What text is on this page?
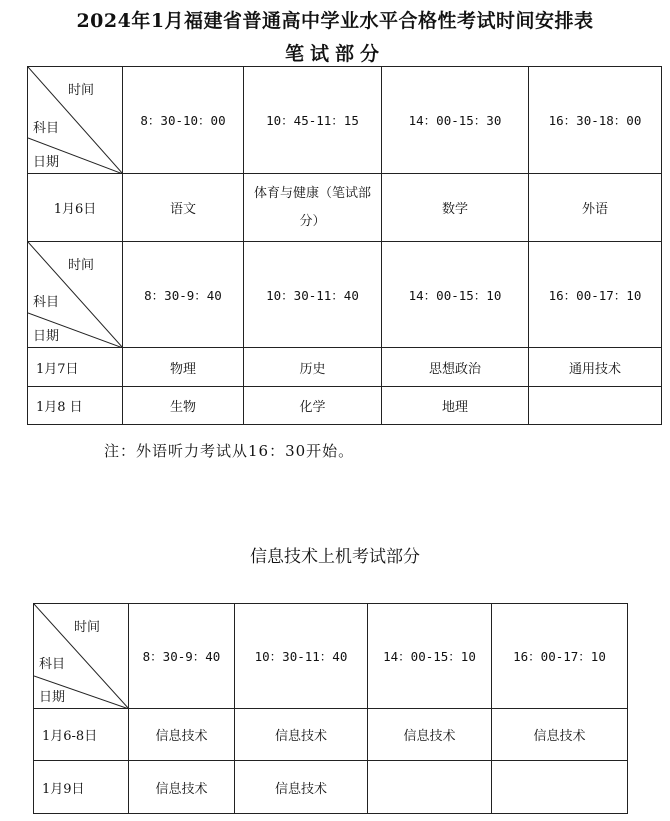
2024年1月福建省普通高中学业水平合格性考试时间安排表
笔试部分
时间
科目
日期	8：30-10：00	10：45-11：15	14：00-15：30	16：30-18：00
1月6日	语文	体育与健康（笔试部分）	数学	外语

时间
科目
日期	8：30-9：40	10：30-11：40	14：00-15：10	16：00-17：10
1月7日	物理	历史	思想政治	通用技术
1月8 日	生物	化学	地理	
注：外语听力考试从16：30开始。
信息技术上机考试部分
时间
科目
日期	8：30-9：40	10：30-11：40	14：00-15：10	16：00-17：10
1月6-8日	信息技术	信息技术	信息技术	信息技术
1月9日	信息技术	信息技术		
